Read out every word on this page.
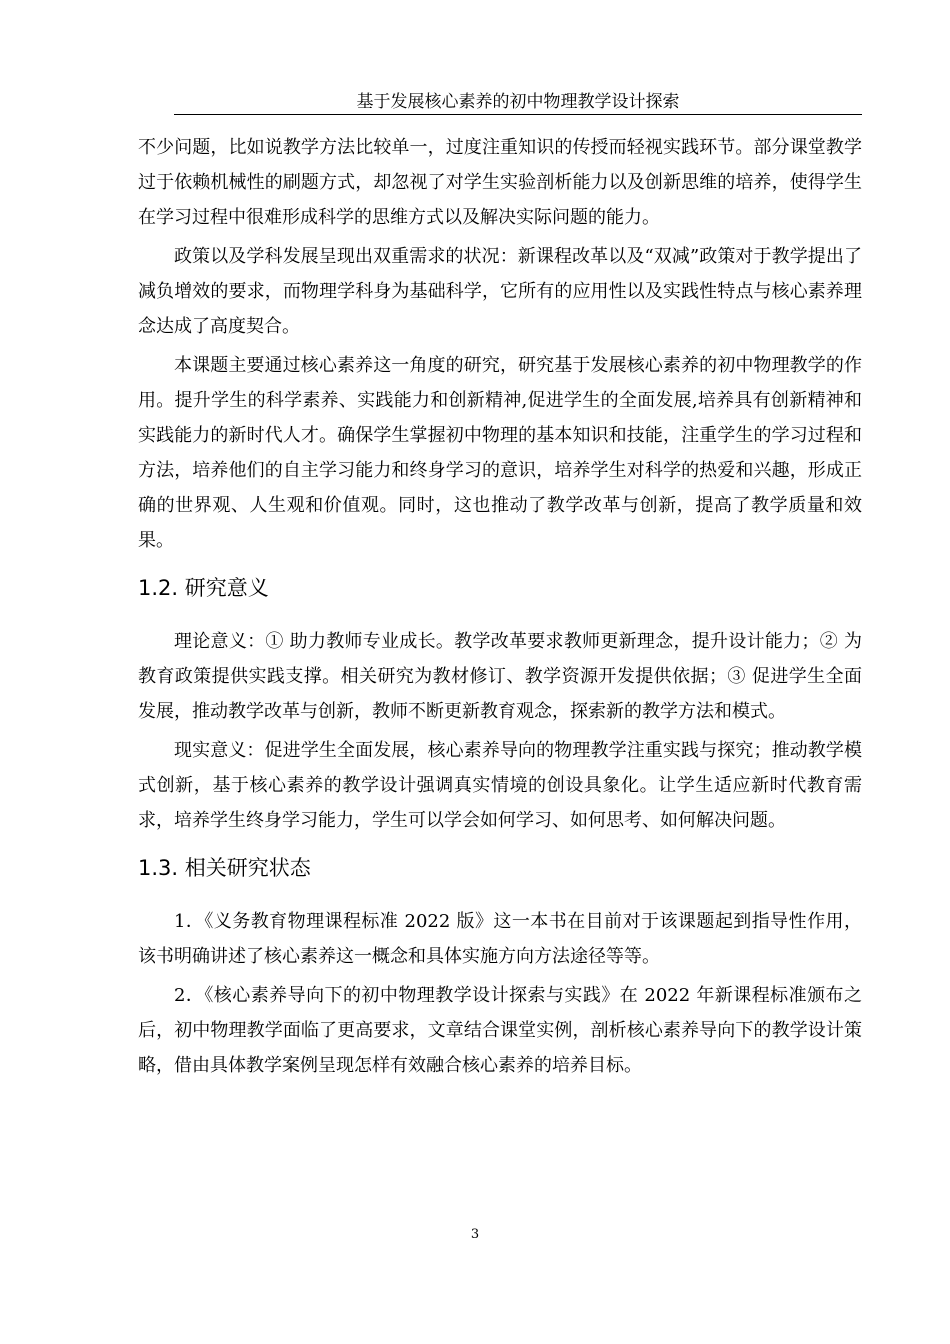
基于发展核心素养的初中物理教学设计探索

不少问题，比如说教学方法比较单一，过度注重知识的传授而轻视实践环节。部分课堂教学过于依赖机械性的刷题方式，却忽视了对学生实验剖析能力以及创新思维的培养，使得学生在学习过程中很难形成科学的思维方式以及解决实际问题的能力。

政策以及学科发展呈现出双重需求的状况：新课程改革以及“双减”政策对于教学提出了减负增效的要求，而物理学科身为基础科学，它所有的应用性以及实践性特点与核心素养理念达成了高度契合。

本课题主要通过核心素养这一角度的研究，研究基于发展核心素养的初中物理教学的作用。提升学生的科学素养、实践能力和创新精神,促进学生的全面发展,培养具有创新精神和实践能力的新时代人才。确保学生掌握初中物理的基本知识和技能，注重学生的学习过程和方法，培养他们的自主学习能力和终身学习的意识，培养学生对科学的热爱和兴趣，形成正确的世界观、人生观和价值观。同时，这也推动了教学改革与创新，提高了教学质量和效果。

1.2. 研究意义

理论意义：① 助力教师专业成长。教学改革要求教师更新理念，提升设计能力；② 为教育政策提供实践支撑。相关研究为教材修订、教学资源开发提供依据；③ 促进学生全面发展，推动教学改革与创新，教师不断更新教育观念，探索新的教学方法和模式。

现实意义：促进学生全面发展，核心素养导向的物理教学注重实践与探究；推动教学模式创新，基于核心素养的教学设计强调真实情境的创设具象化。让学生适应新时代教育需求，培养学生终身学习能力，学生可以学会如何学习、如何思考、如何解决问题。

1.3. 相关研究状态

1．《义务教育物理课程标准 2022 版》这一本书在目前对于该课题起到指导性作用，该书明确讲述了核心素养这一概念和具体实施方向方法途径等等。

2．《核心素养导向下的初中物理教学设计探索与实践》在 2022 年新课程标准颁布之后，初中物理教学面临了更高要求，文章结合课堂实例，剖析核心素养导向下的教学设计策略，借由具体教学案例呈现怎样有效融合核心素养的培养目标。

3
